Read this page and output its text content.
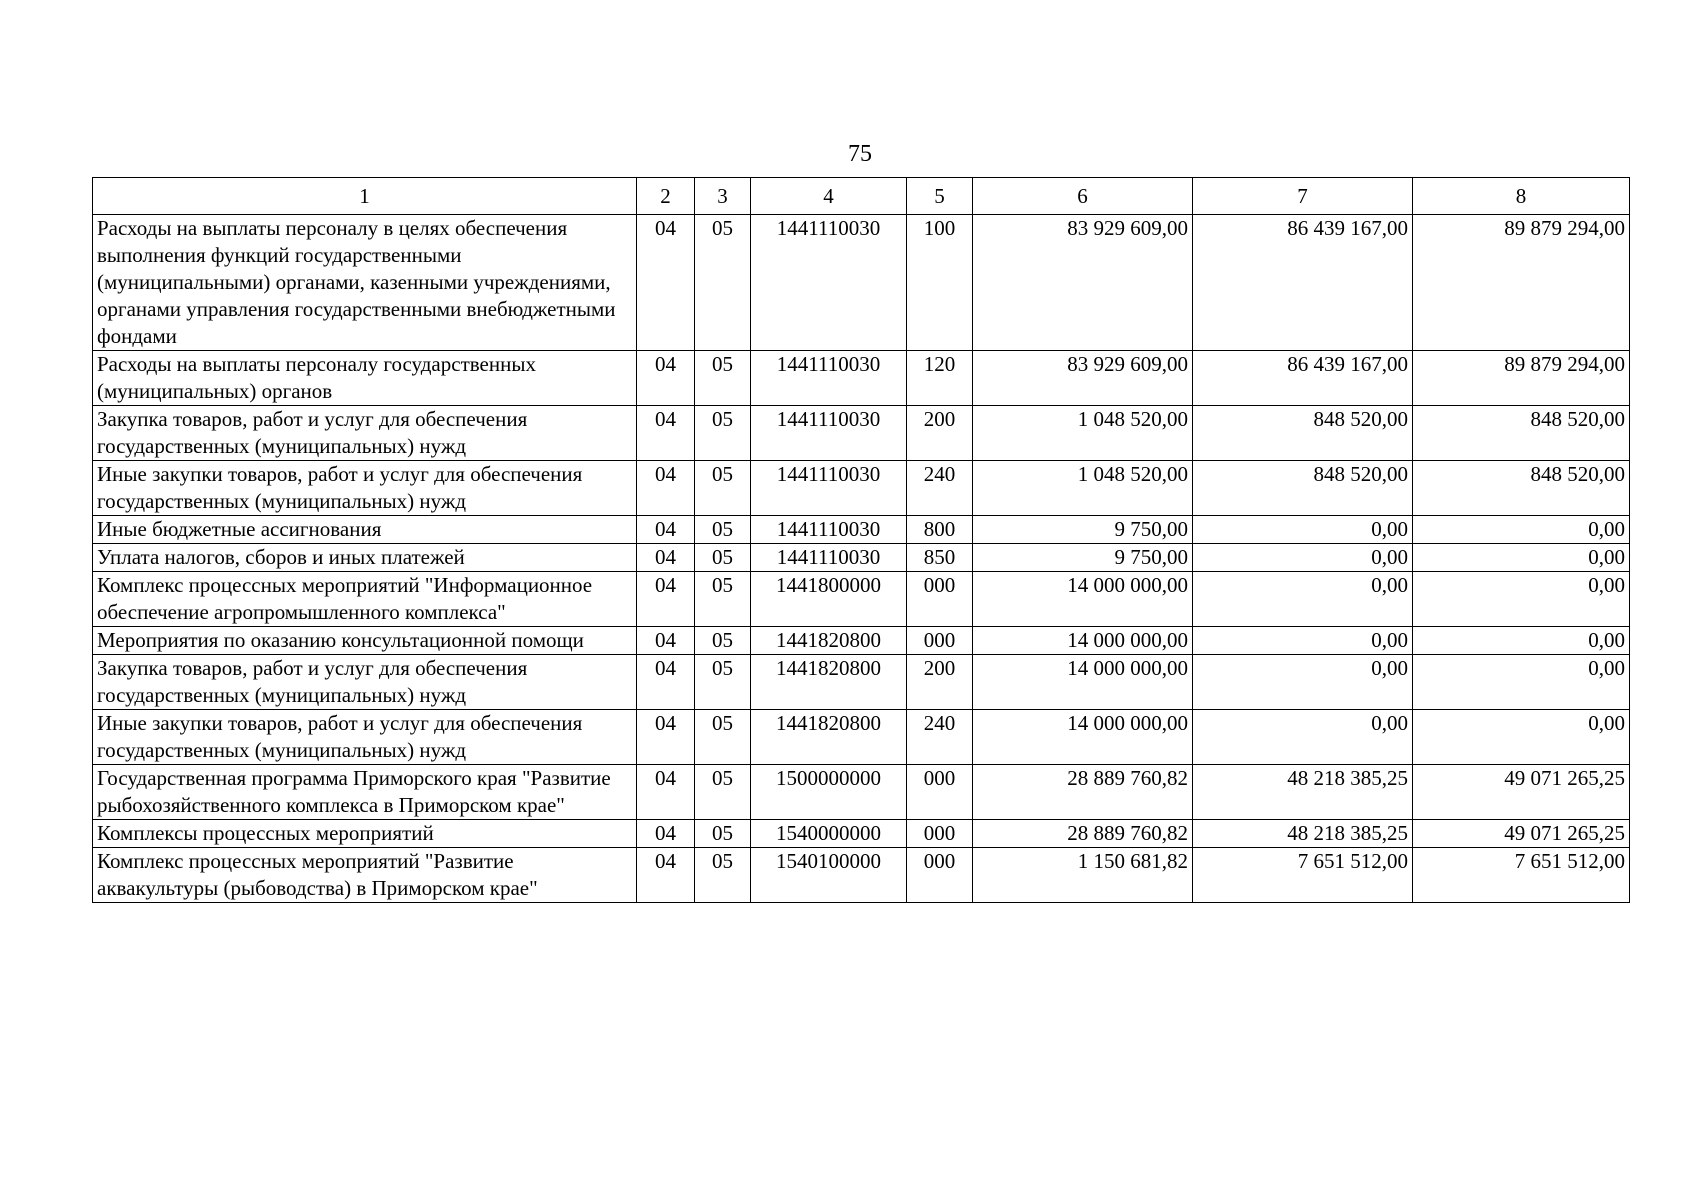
75
1	2	3	4	5	6	7	8
Расходы на выплаты персоналу в целях обеспечения выполнения функций государственными (муниципальными) органами, казенными учреждениями, органами управления государственными внебюджетными фондами	04	05	1441110030	100	83 929 609,00	86 439 167,00	89 879 294,00
Расходы на выплаты персоналу государственных (муниципальных) органов	04	05	1441110030	120	83 929 609,00	86 439 167,00	89 879 294,00
Закупка товаров, работ и услуг для обеспечения государственных (муниципальных) нужд	04	05	1441110030	200	1 048 520,00	848 520,00	848 520,00
Иные закупки товаров, работ и услуг для обеспечения государственных (муниципальных) нужд	04	05	1441110030	240	1 048 520,00	848 520,00	848 520,00
Иные бюджетные ассигнования	04	05	1441110030	800	9 750,00	0,00	0,00
Уплата налогов, сборов и иных платежей	04	05	1441110030	850	9 750,00	0,00	0,00
Комплекс процессных мероприятий "Информационное обеспечение агропромышленного комплекса"	04	05	1441800000	000	14 000 000,00	0,00	0,00
Мероприятия по оказанию консультационной помощи	04	05	1441820800	000	14 000 000,00	0,00	0,00
Закупка товаров, работ и услуг для обеспечения государственных (муниципальных) нужд	04	05	1441820800	200	14 000 000,00	0,00	0,00
Иные закупки товаров, работ и услуг для обеспечения государственных (муниципальных) нужд	04	05	1441820800	240	14 000 000,00	0,00	0,00
Государственная программа Приморского края "Развитие рыбохозяйственного комплекса в Приморском крае"	04	05	1500000000	000	28 889 760,82	48 218 385,25	49 071 265,25
Комплексы процессных мероприятий	04	05	1540000000	000	28 889 760,82	48 218 385,25	49 071 265,25
Комплекс процессных мероприятий "Развитие аквакультуры (рыбоводства) в Приморском крае"	04	05	1540100000	000	1 150 681,82	7 651 512,00	7 651 512,00
